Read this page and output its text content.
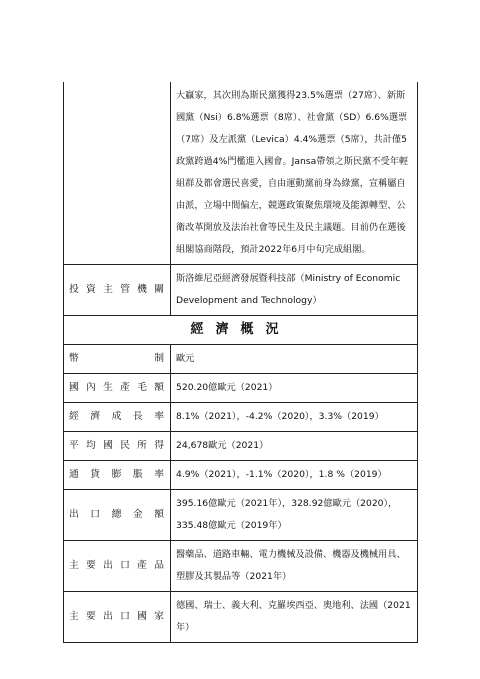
	大贏家，其次則為斯民黨獲得23.5%選票（27席）、新斯國黨（Nsi）6.8%選票（8席）、社會黨（SD）6.6%選票（7席）及左派黨（Levica）4.4%選票（5席），共計僅5政黨跨過4%門檻進入國會。Jansa帶領之斯民黨不受年輕組群及都會選民喜愛，自由運動黨前身為綠黨，宣稱屬自由派，立場中間偏左，競選政策聚焦環境及能源轉型、公衛改革開放及法治社會等民生及民主議題。目前仍在選後組閣協商階段，預計2022年6月中旬完成組閣。
投資主管機關	斯洛維尼亞經濟發展暨科技部（Ministry of Economic Development and Technology）
經濟概況	
幣制	歐元
國內生產毛額	520.20億歐元（2021）
經濟成長率	8.1%（2021），-4.2%（2020），3.3%（2019）
平均國民所得	24,678歐元（2021）
通貨膨脹率	4.9%（2021），-1.1%（2020），1.8 %（2019）
出口總金額	395.16億歐元（2021年），328.92億歐元（2020），335.48億歐元（2019年）
主要出口產品	醫藥品、道路車輛、電力機械及設備、機器及機械用具、塑膠及其製品等（2021年）
主要出口國家	德國、瑞士、義大利、克羅埃西亞、奧地利、法國（2021年）
